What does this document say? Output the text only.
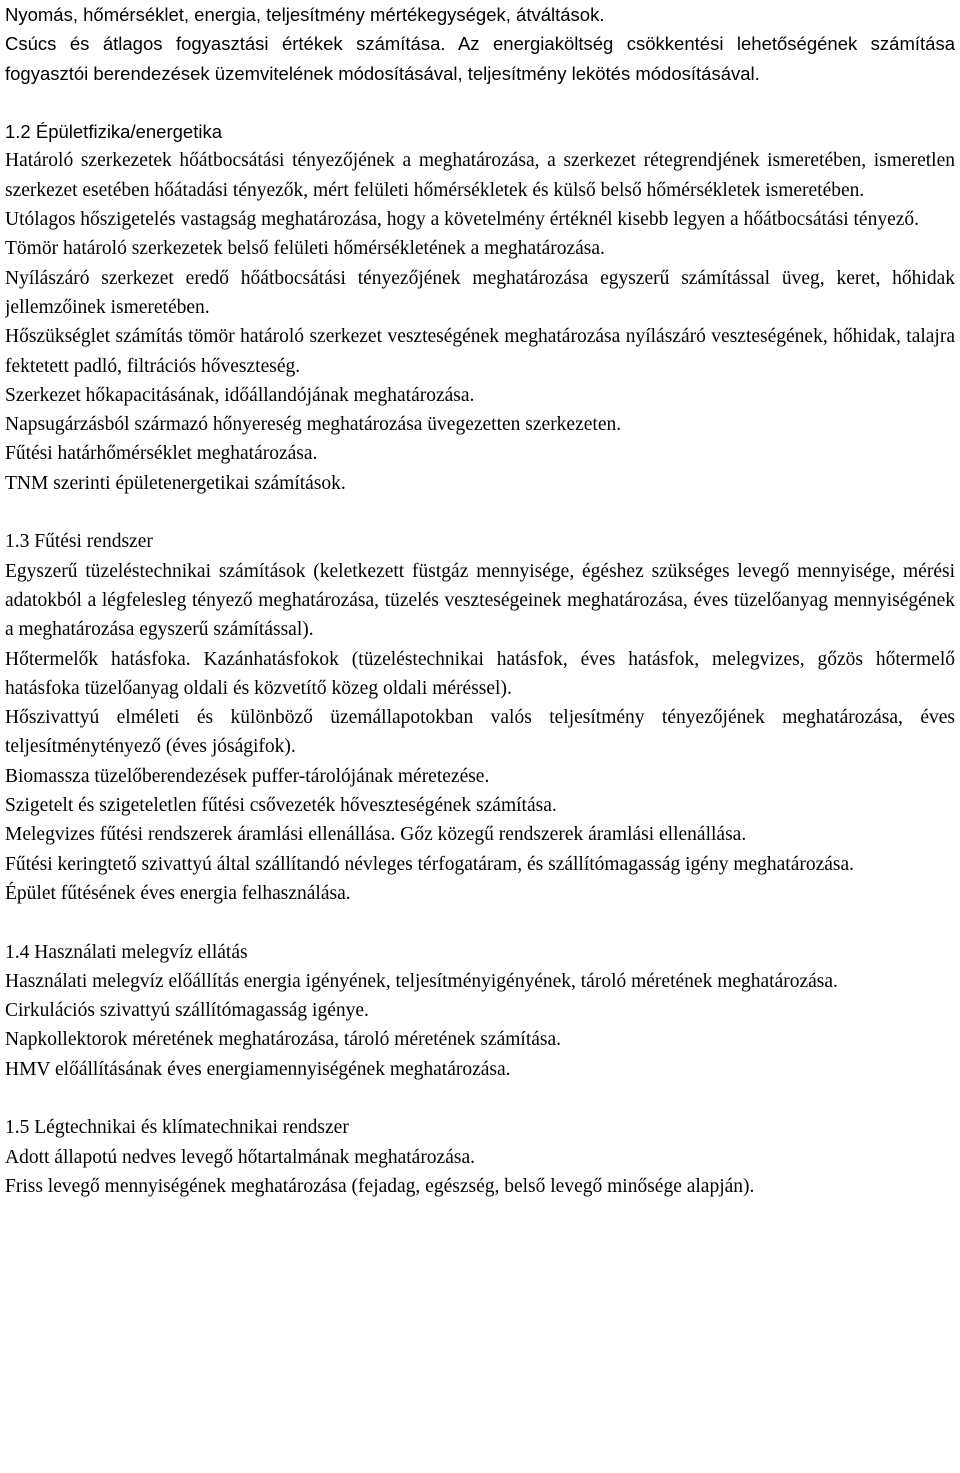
Nyomás, hőmérséklet, energia, teljesítmény mértékegységek, átváltások.

Csúcs és átlagos fogyasztási értékek számítása. Az energiaköltség csökkentési lehetőségének számítása fogyasztói berendezések üzemvitelének módosításával, teljesítmény lekötés módosításával.

1.2 Épületfizika/energetika

Határoló szerkezetek hőátbocsátási tényezőjének a meghatározása, a szerkezet rétegrendjének ismeretében, ismeretlen szerkezet esetében hőátadási tényezők, mért felületi hőmérsékletek és külső belső hőmérsékletek ismeretében.

Utólagos hőszigetelés vastagság meghatározása, hogy a követelmény értéknél kisebb legyen a hőátbocsátási tényező.

Tömör határoló szerkezetek belső felületi hőmérsékletének a meghatározása.

Nyílászáró szerkezet eredő hőátbocsátási tényezőjének meghatározása egyszerű számítással üveg, keret, hőhidak jellemzőinek ismeretében.

Hőszükséglet számítás tömör határoló szerkezet veszteségének meghatározása nyílászáró veszteségének, hőhidak, talajra fektetett padló, filtrációs hőveszteség.

Szerkezet hőkapacitásának, időállandójának meghatározása.

Napsugárzásból származó hőnyereség meghatározása üvegezetten szerkezeten.

Fűtési határhőmérséklet meghatározása.

TNM szerinti épületenergetikai számítások.

1.3 Fűtési rendszer

Egyszerű tüzeléstechnikai számítások (keletkezett füstgáz mennyisége, égéshez szükséges levegő mennyisége, mérési adatokból a légfelesleg tényező meghatározása, tüzelés veszteségeinek meghatározása, éves tüzelőanyag mennyiségének a meghatározása egyszerű számítással).

Hőtermelők hatásfoka. Kazánhatásfokok (tüzeléstechnikai hatásfok, éves hatásfok, melegvizes, gőzös hőtermelő hatásfoka tüzelőanyag oldali és közvetítő közeg oldali méréssel).

Hőszivattyú elméleti és különböző üzemállapotokban valós teljesítmény tényezőjének meghatározása, éves teljesítménytényező (éves jóságifok).

Biomassza tüzelőberendezések puffer-tárolójának méretezése.

Szigetelt és szigeteletlen fűtési csővezeték hőveszteségének számítása.

Melegvizes fűtési rendszerek áramlási ellenállása. Gőz közegű rendszerek áramlási ellenállása.

Fűtési keringtető szivattyú által szállítandó névleges térfogatáram, és szállítómagasság igény meghatározása.

Épület fűtésének éves energia felhasználása.

1.4 Használati melegvíz ellátás

Használati melegvíz előállítás energia igényének, teljesítményigényének, tároló méretének meghatározása.

Cirkulációs szivattyú szállítómagasság igénye.

Napkollektorok méretének meghatározása, tároló méretének számítása.

HMV előállításának éves energiamennyiségének meghatározása.

1.5 Légtechnikai és klímatechnikai rendszer

Adott állapotú nedves levegő hőtartalmának meghatározása.

Friss levegő mennyiségének meghatározása (fejadag, egészség, belső levegő minősége alapján).
